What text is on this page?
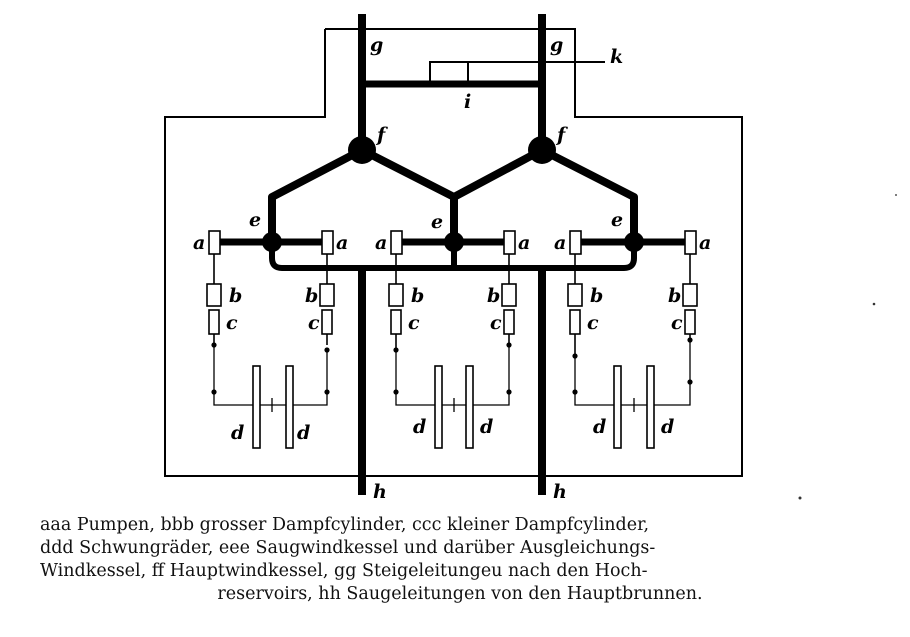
g	g
k
i
f	f
e	e	e
a	a a	a a	a
b	b	b	b	b	b
c	c	c	c	c	c
d	d	d	d	d	d
h	h
aaa Pumpen, bbb grosser Dampfcylinder, ccc kleiner Dampfcylinder,
ddd Schwungräder, eee Saugwindkessel und darüber Ausgleichungs-
Windkessel, ff Hauptwindkessel, gg Steigeleitungeu nach den Hoch-
reservoirs, hh Saugeleitungen von den Hauptbrunnen.
